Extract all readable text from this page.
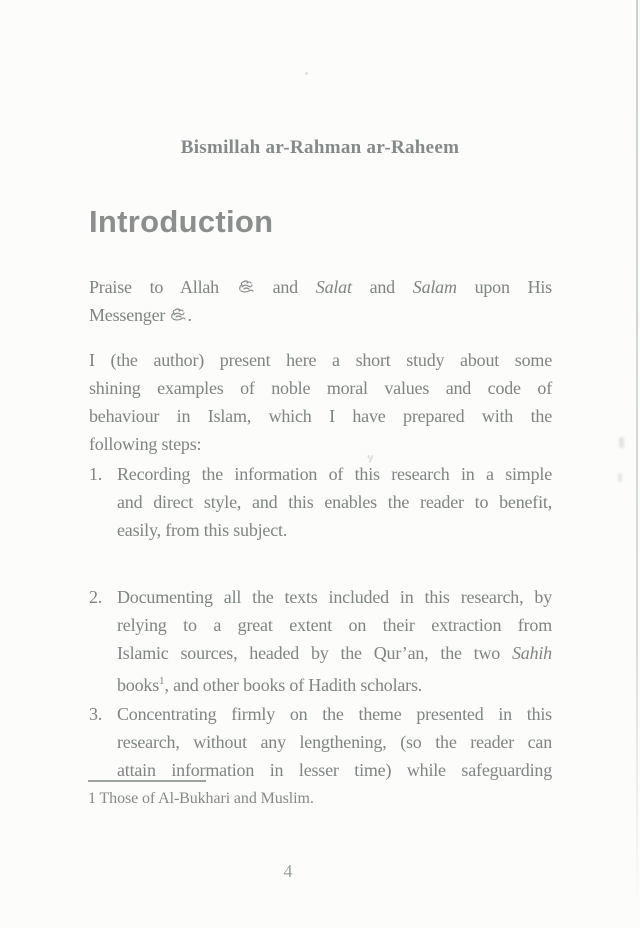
Bismillah ar-Rahman ar-Raheem
Introduction
Praise to Allah
and Salat and Salam upon His
Messenger
.
I (the author) present here a short study about some
shining examples of noble moral values and code of
behaviour in Islam, which I have prepared with the
following steps:
1. Recording the information of this research in a simple
and direct style, and this enables the reader to benefit,
easily, from this subject.
2. Documenting all the texts included in this research, by
relying to a great extent on their extraction from
Islamic sources, headed by the Qur’an, the two Sahih
books$^1$, and other books of Hadith scholars.
3. Concentrating firmly on the theme presented in this
research, without any lengthening, (so the reader can
attain information in lesser time) while safeguarding
1 Those of Al-Bukhari and Muslim.
4
